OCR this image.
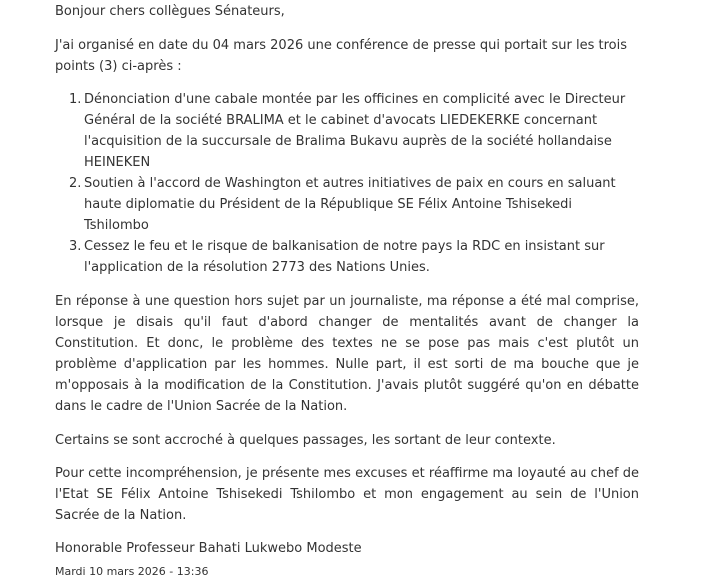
Bonjour chers collègues Sénateurs,

J'ai organisé en date du 04 mars 2026 une conférence de presse qui portait sur les trois points (3) ci-après :

1. Dénonciation d'une cabale montée par les officines en complicité avec le Directeur Général de la société BRALIMA et le cabinet d'avocats LIEDEKERKE concernant l'acquisition de la succursale de Bralima Bukavu auprès de la société hollandaise HEINEKEN
2. Soutien à l'accord de Washington et autres initiatives de paix en cours en saluant haute diplomatie du Président de la République SE Félix Antoine Tshisekedi Tshilombo
3. Cessez le feu et le risque de balkanisation de notre pays la RDC en insistant sur l'application de la résolution 2773 des Nations Unies.

En réponse à une question hors sujet par un journaliste, ma réponse a été mal comprise, lorsque je disais qu'il faut d'abord changer de mentalités avant de changer la Constitution. Et donc, le problème des textes ne se pose pas mais c'est plutôt un problème d'application par les hommes. Nulle part, il est sorti de ma bouche que je m'opposais à la modification de la Constitution. J'avais plutôt suggéré qu'on en débatte dans le cadre de l'Union Sacrée de la Nation.

Certains se sont accroché à quelques passages, les sortant de leur contexte.

Pour cette incompréhension, je présente mes excuses et réaffirme ma loyauté au chef de l'Etat SE Félix Antoine Tshisekedi Tshilombo et mon engagement au sein de l'Union Sacrée de la Nation.

Honorable Professeur Bahati Lukwebo Modeste

Mardi 10 mars 2026 - 13:36
